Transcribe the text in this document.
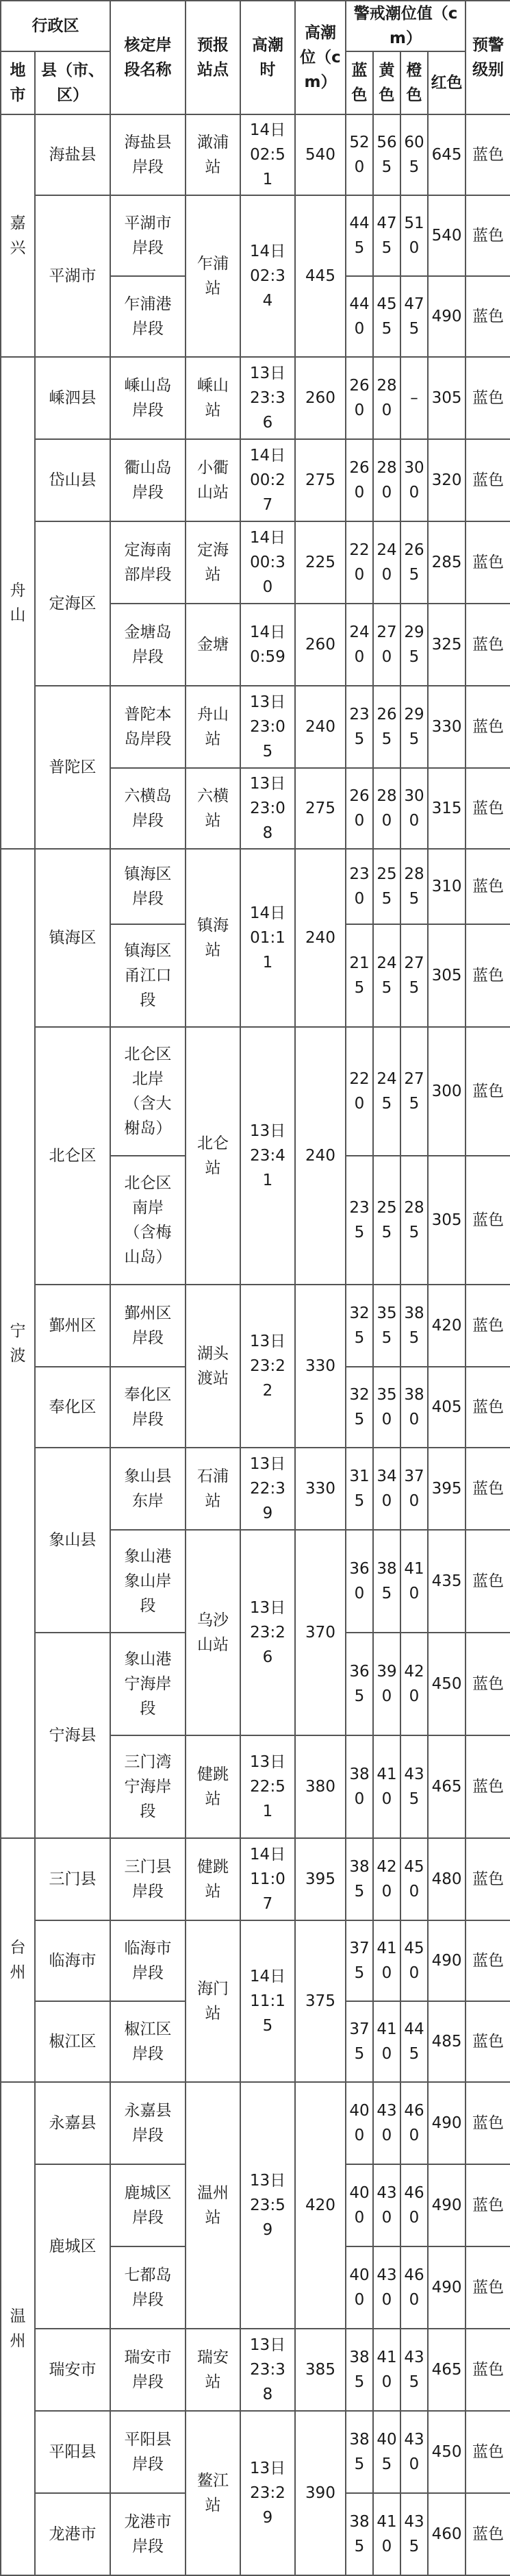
行政区		核定岸段名称	预报站点	高潮时	高潮位（cm）	警戒潮位值（cm）				预警级别
地市	县（市、区）					蓝色	黄色	橙色	红色	
嘉兴	海盐县	海盐县岸段	澉浦站	14日02:51	540	520	565	605	645	蓝色
	平湖市	平湖市岸段	乍浦站	14日02:34	445	445	475	510	540	蓝色
		乍浦港岸段				440	455	475	490	蓝色
舟山	嵊泗县	嵊山岛岸段	嵊山站	13日23:36	260	260	280	–	305	蓝色
	岱山县	衢山岛岸段	小衢山站	14日00:27	275	260	280	300	320	蓝色
	定海区	定海南部岸段	定海站	14日00:30	225	220	240	265	285	蓝色
		金塘岛岸段	金塘	14日0:59	260	240	270	295	325	蓝色
	普陀区	普陀本岛岸段	舟山站	13日23:05	240	235	265	295	330	蓝色
		六横岛岸段	六横站	13日23:08	275	260	280	300	315	蓝色
宁波	镇海区	镇海区岸段	镇海站	14日01:11	240	230	255	285	310	蓝色
		镇海区甬江口段				215	245	275	305	蓝色
	北仑区	北仑区北岸（含大榭岛）	北仑站	13日23:41	240	220	245	275	300	蓝色
		北仑区南岸（含梅山岛）				235	255	285	305	蓝色
	鄞州区	鄞州区岸段	湖头渡站	13日23:22	330	325	355	385	420	蓝色
	奉化区	奉化区岸段				325	350	380	405	蓝色
	象山县	象山县东岸	石浦站	13日22:39	330	315	340	370	395	蓝色
		象山港象山岸段	乌沙山站	13日23:26	370	360	385	410	435	蓝色
	宁海县	象山港宁海岸段				365	390	420	450	蓝色
		三门湾宁海岸段	健跳站	13日22:51	380	380	410	435	465	蓝色
台州	三门县	三门县岸段	健跳站	14日11:07	395	385	420	450	480	蓝色
	临海市	临海市岸段	海门站	14日11:15	375	375	410	450	490	蓝色
	椒江区	椒江区岸段				375	410	445	485	蓝色
温州	永嘉县	永嘉县岸段	温州站	13日23:59	420	400	430	460	490	蓝色
	鹿城区	鹿城区岸段				400	430	460	490	蓝色
		七都岛岸段				400	430	460	490	蓝色
	瑞安市	瑞安市岸段	瑞安站	13日23:38	385	385	410	435	465	蓝色
	平阳县	平阳县岸段	鳌江站	13日23:29	390	385	405	430	450	蓝色
	龙港市	龙港市岸段				385	410	435	460	蓝色
